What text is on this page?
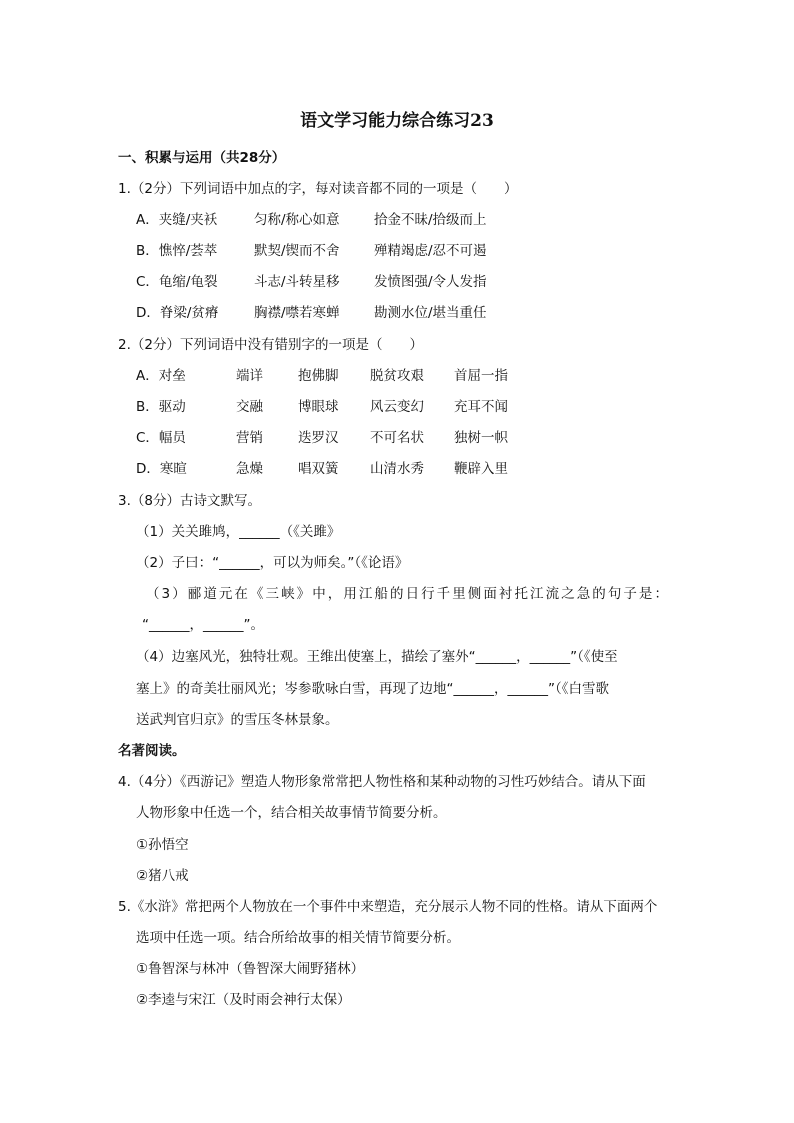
语文学习能力综合练习23
一、积累与运用（共28分）
1.（2分）下列词语中加点的字，每对读音都不同的一项是（　　）
A．夹缝/夹袄	匀称/称心如意	拾金不昧/拾级而上
B．憔悴/荟萃	默契/锲而不舍	殚精竭虑/忍不可遏
C．龟缩/龟裂	斗志/斗转星移	发愤图强/令人发指
D．脊梁/贫瘠	胸襟/噤若寒蝉	勘测水位/堪当重任
2.（2分）下列词语中没有错别字的一项是（　　）
A．对垒	端详	抱佛脚 脱贫攻艰 首屈一指
B．驱动	交融	博眼球 风云变幻 充耳不闻
C．幅员	营销	迭罗汉 不可名状 独树一帜
D．寒暄	急燥	唱双簧 山清水秀 鞭辟入里
3.（8分）古诗文默写。
（1）关关雎鸠，______（《关雎》
（2）子曰：“______，可以为师矣。”（《论语》
（3）郦道元在《三峡》中，用江船的日行千里侧面衬托江流之急的句子是：
“______，______”。
（4）边塞风光，独特壮观。王维出使塞上，描绘了塞外“______，______”（《使至
塞上》的奇美壮丽风光；岑参歌咏白雪，再现了边地“______，______”（《白雪歌
送武判官归京》的雪压冬林景象。
名著阅读。
4.（4分）《西游记》塑造人物形象常常把人物性格和某种动物的习性巧妙结合。请从下面
人物形象中任选一个，结合相关故事情节简要分析。
①孙悟空
②猪八戒
5.《水浒》常把两个人物放在一个事件中来塑造，充分展示人物不同的性格。请从下面两个
选项中任选一项。结合所给故事的相关情节简要分析。
①鲁智深与林冲（鲁智深大闹野猪林）
②李逵与宋江（及时雨会神行太保）
